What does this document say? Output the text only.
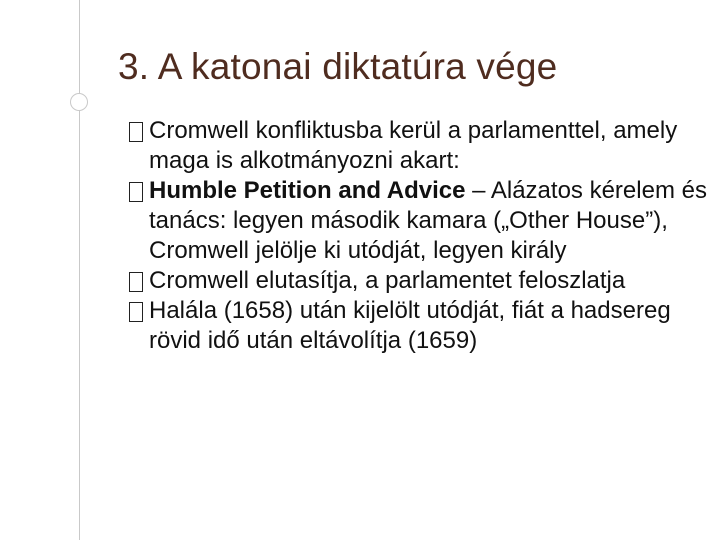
3. A katonai diktatúra vége
Cromwell konfliktusba kerül a parlamenttel, amely maga is alkotmányozni akart:
Humble Petition and Advice – Alázatos kérelem és tanács: legyen második kamara („Other House”), Cromwell jelölje ki utódját, legyen király
Cromwell elutasítja, a parlamentet feloszlatja
Halála (1658) után kijelölt utódját, fiát a hadsereg rövid idő után eltávolítja (1659)
